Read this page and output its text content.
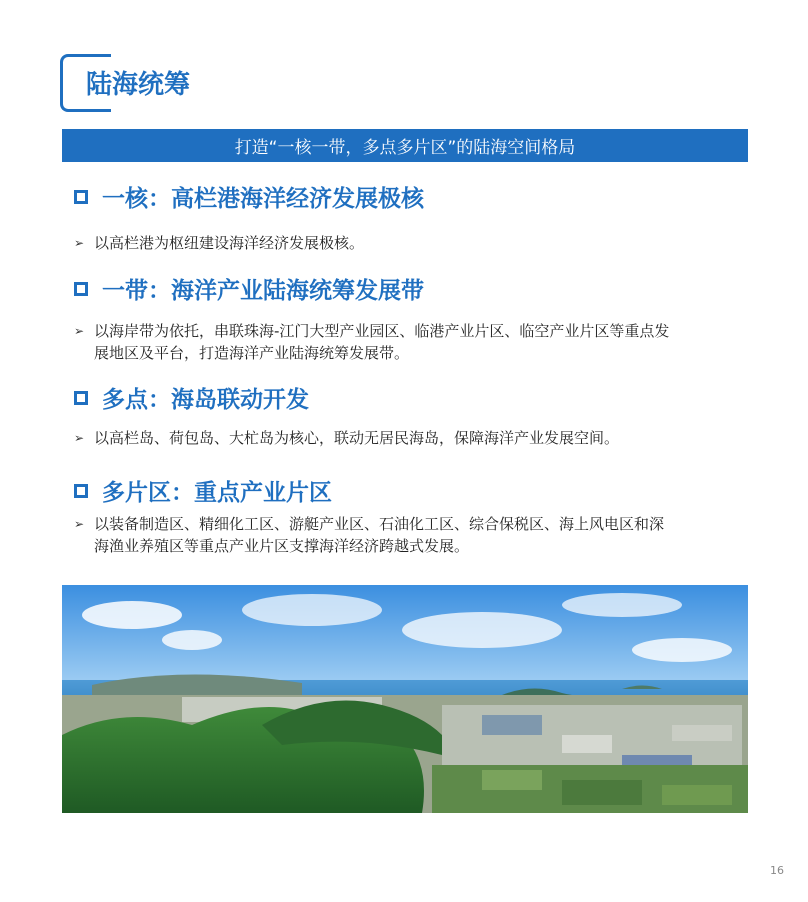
陆海统筹
打造“一核一带，多点多片区”的陆海空间格局
一核：高栏港海洋经济发展极核
➢ 以高栏港为枢纽建设海洋经济发展极核。
一带：海洋产业陆海统筹发展带
➢ 以海岸带为依托，串联珠海-江门大型产业园区、临港产业片区、临空产业片区等重点发
展地区及平台，打造海洋产业陆海统筹发展带。
多点：海岛联动开发
➢ 以高栏岛、荷包岛、大杧岛为核心，联动无居民海岛，保障海洋产业发展空间。
多片区：重点产业片区
➢ 以装备制造区、精细化工区、游艇产业区、石油化工区、综合保税区、海上风电区和深
海渔业养殖区等重点产业片区支撑海洋经济跨越式发展。
16
